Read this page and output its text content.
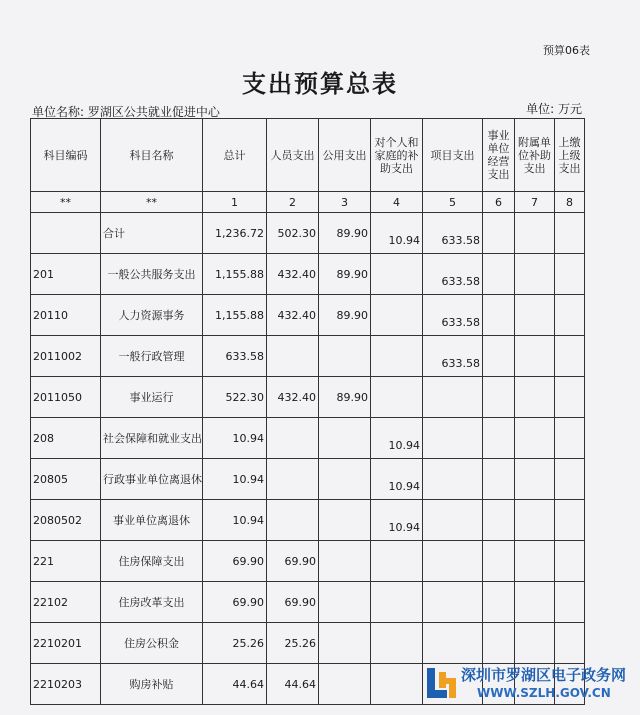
预算06表
支出预算总表
单位名称: 罗湖区公共就业促进中心	单位: 万元
科目编码	科目名称	总计	人员支出	公用支出	对个人和家庭的补助支出	项目支出	事业单位经营支出	附属单位补助支出	上缴上级支出
**	**	1	2	3	4	5	6	7	8
	合计	1,236.72	502.30	89.90	10.94	633.58			
201	一般公共服务支出	1,155.88	432.40	89.90		633.58			
20110	人力资源事务	1,155.88	432.40	89.90		633.58			
2011002	一般行政管理	633.58				633.58			
2011050	事业运行	522.30	432.40	89.90					
208	社会保障和就业支出	10.94			10.94				
20805	行政事业单位离退休	10.94			10.94				
2080502	事业单位离退休	10.94			10.94				
221	住房保障支出	69.90	69.90						
22102	住房改革支出	69.90	69.90						
2210201	住房公积金	25.26	25.26						
2210203	购房补贴	44.64	44.64							深圳市罗湖区电子政务网
WWW.SZLH.GOV.CN
